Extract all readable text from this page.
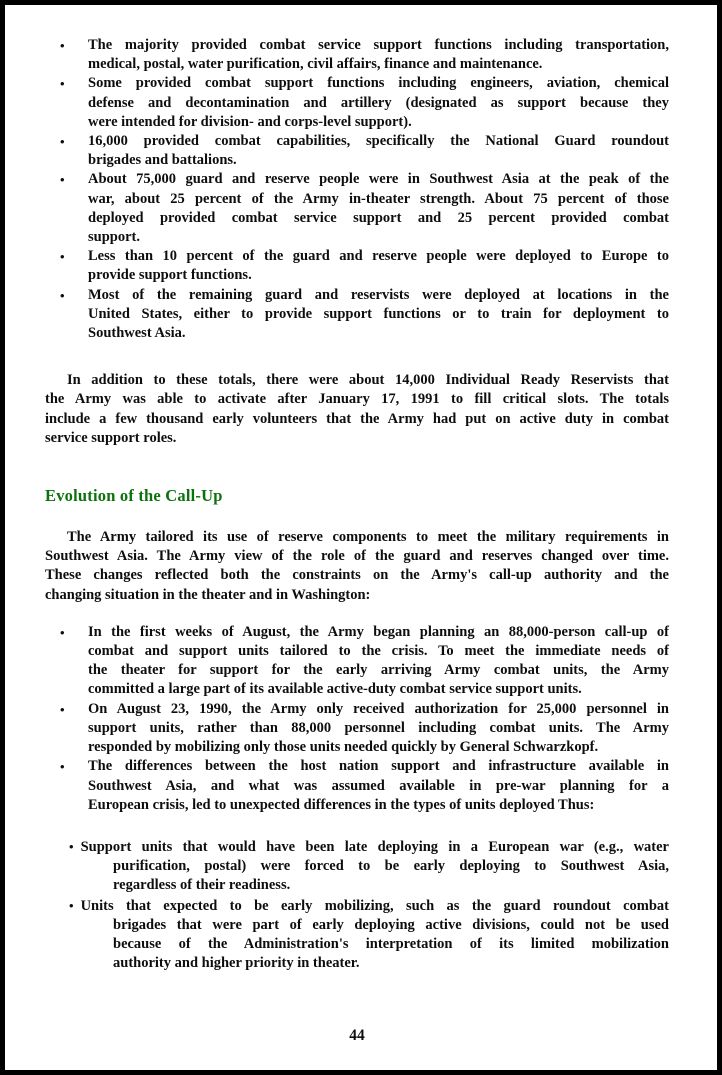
•	The majority provided combat service support functions including transportation,
medical, postal, water purification, civil affairs, finance and maintenance.
•	Some provided combat support functions including engineers, aviation, chemical
defense and decontamination and artillery (designated as support because they
were intended for division- and corps-level support).
•	16,000 provided combat capabilities, specifically the National Guard roundout
brigades and battalions.
•	About 75,000 guard and reserve people were in Southwest Asia at the peak of the
war, about 25 percent of the Army in-theater strength. About 75 percent of those
deployed provided combat service support and 25 percent provided combat
support.
•	Less than 10 percent of the guard and reserve people were deployed to Europe to
provide support functions.
•	Most of the remaining guard and reservists were deployed at locations in the
United States, either to provide support functions or to train for deployment to
Southwest Asia.
In addition to these totals, there were about 14,000 Individual Ready Reservists that
the Army was able to activate after January 17, 1991 to fill critical slots. The totals
include a few thousand early volunteers that the Army had put on active duty in combat
service support roles.
Evolution of the Call-Up
The Army tailored its use of reserve components to meet the military requirements in
Southwest Asia. The Army view of the role of the guard and reserves changed over time.
These changes reflected both the constraints on the Army's call-up authority and the
changing situation in the theater and in Washington:
•	In the first weeks of August, the Army began planning an 88,000-person call-up of
combat and support units tailored to the crisis. To meet the immediate needs of
the theater for support for the early arriving Army combat units, the Army
committed a large part of its available active-duty combat service support units.
•	On August 23, 1990, the Army only received authorization for 25,000 personnel in
support units, rather than 88,000 personnel including combat units. The Army
responded by mobilizing only those units needed quickly by General Schwarzkopf.
•	The differences between the host nation support and infrastructure available in
Southwest Asia, and what was assumed available in pre-war planning for a
European crisis, led to unexpected differences in the types of units deployed Thus:
• Support units that would have been late deploying in a European war (e.g., water
purification, postal) were forced to be early deploying to Southwest Asia,
regardless of their readiness.
• Units that expected to be early mobilizing, such as the guard roundout combat
brigades that were part of early deploying active divisions, could not be used
because of the Administration's interpretation of its limited mobilization
authority and higher priority in theater.
44
